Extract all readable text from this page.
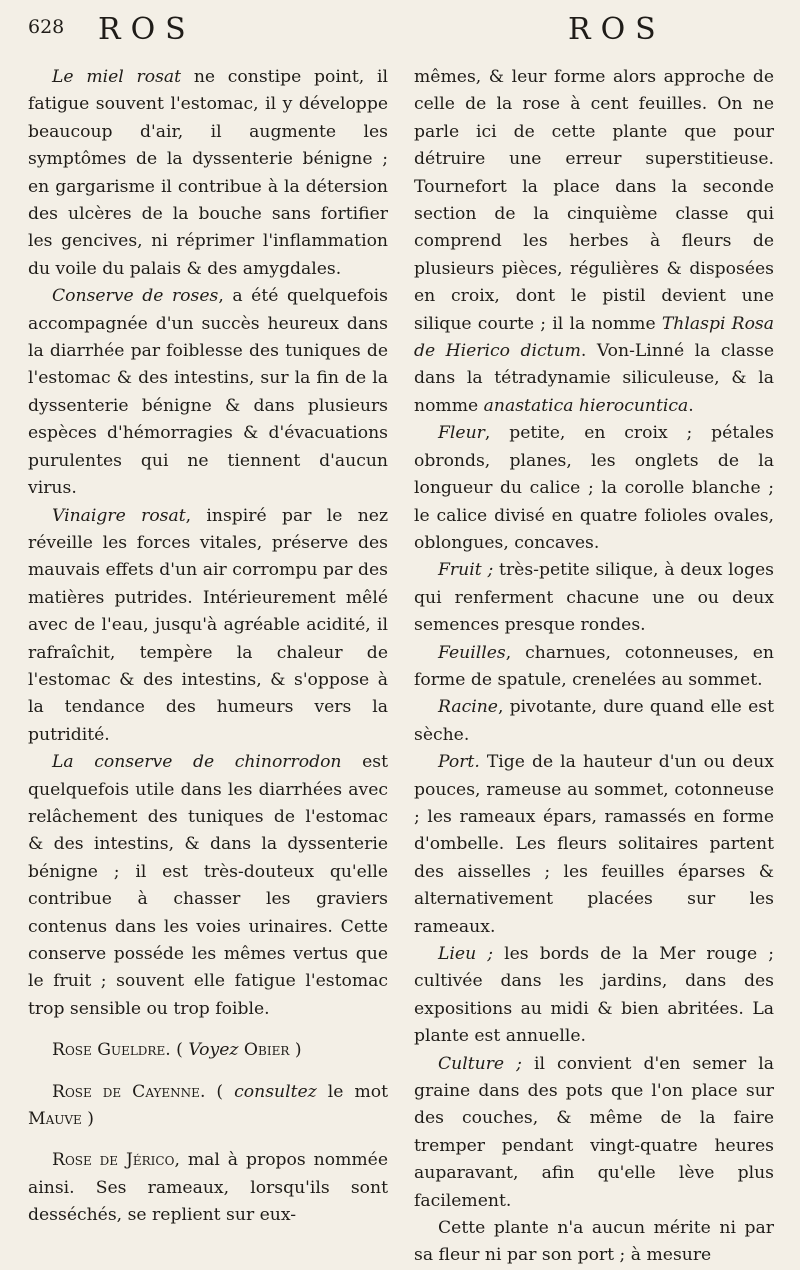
628 ROS	ROS

Le miel rosat ne constipe point, il fatigue souvent l'estomac, il y développe beaucoup d'air, il augmente les symptômes de la dyssenterie bénigne ; en gargarisme il contribue à la détersion des ulcères de la bouche sans fortifier les gencives, ni réprimer l'inflammation du voile du palais & des amygdales.

Conserve de roses, a été quelquefois accompagnée d'un succès heureux dans la diarrhée par foiblesse des tuniques de l'estomac & des intestins, sur la fin de la dyssenterie bénigne & dans plusieurs espèces d'hémorragies & d'évacuations purulentes qui ne tiennent d'aucun virus.

Vinaigre rosat, inspiré par le nez réveille les forces vitales, préserve des mauvais effets d'un air corrompu par des matières putrides. Intérieurement mêlé avec de l'eau, jusqu'à agréable acidité, il rafraîchit, tempère la chaleur de l'estomac & des intestins, & s'oppose à la tendance des humeurs vers la putridité.

La conserve de chinorrodon est quelquefois utile dans les diarrhées avec relâchement des tuniques de l'estomac & des intestins, & dans la dyssenterie bénigne ; il est très-douteux qu'elle contribue à chasser les graviers contenus dans les voies urinaires. Cette conserve posséde les mêmes vertus que le fruit ; souvent elle fatigue l'estomac trop sensible ou trop foible.

Rose Gueldre. ( Voyez Obier )

Rose de Cayenne. ( consultez le mot Mauve )

Rose de Jérico, mal à propos nommée ainsi. Ses rameaux, lorsqu'ils sont desséchés, se replient sur eux-

mêmes, & leur forme alors approche de celle de la rose à cent feuilles. On ne parle ici de cette plante que pour détruire une erreur superstitieuse. Tournefort la place dans la seconde section de la cinquième classe qui comprend les herbes à fleurs de plusieurs pièces, régulières & disposées en croix, dont le pistil devient une silique courte ; il la nomme Thlaspi Rosa de Hierico dictum. Von-Linné la classe dans la tétradynamie siliculeuse, & la nomme anastatica hierocuntica.

Fleur, petite, en croix ; pétales obronds, planes, les onglets de la longueur du calice ; la corolle blanche ; le calice divisé en quatre folioles ovales, oblongues, concaves.

Fruit ; très-petite silique, à deux loges qui renferment chacune une ou deux semences presque rondes.

Feuilles, charnues, cotonneuses, en forme de spatule, crenelées au sommet.

Racine, pivotante, dure quand elle est sèche.

Port. Tige de la hauteur d'un ou deux pouces, rameuse au sommet, cotonneuse ; les rameaux épars, ramassés en forme d'ombelle. Les fleurs solitaires partent des aisselles ; les feuilles éparses & alternativement placées sur les rameaux.

Lieu ; les bords de la Mer rouge ; cultivée dans les jardins, dans des expositions au midi & bien abritées. La plante est annuelle.

Culture ; il convient d'en semer la graine dans des pots que l'on place sur des couches, & même de la faire tremper pendant vingt-quatre heures auparavant, afin qu'elle lève plus facilement.

Cette plante n'a aucun mérite ni par sa fleur ni par son port ; à mesure
